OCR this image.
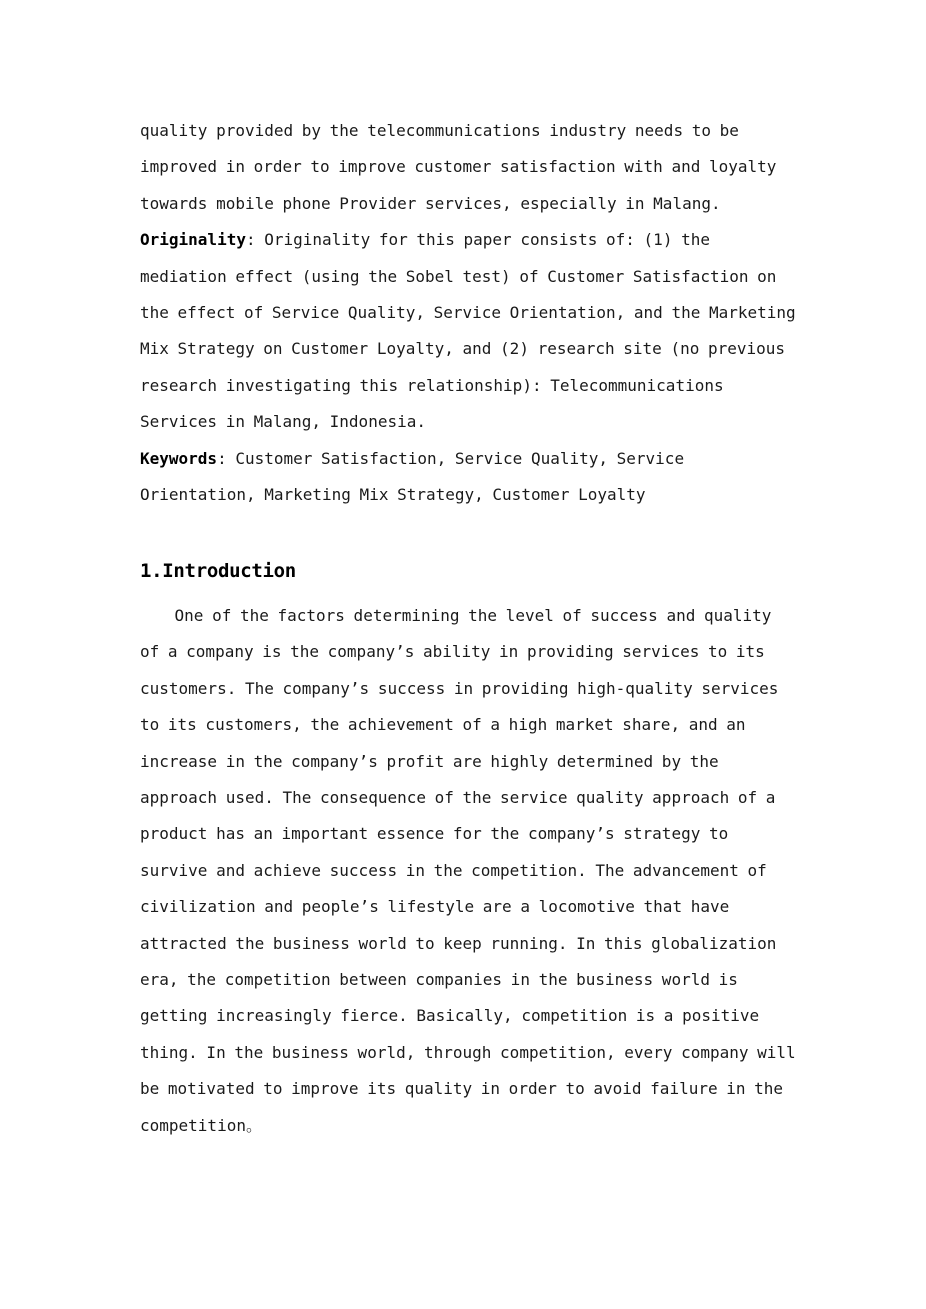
quality provided by the telecommunications industry needs to be
improved in order to improve customer satisfaction with and loyalty
towards mobile phone Provider services, especially in Malang.

Originality: Originality for this paper consists of: (1) the
mediation effect (using the Sobel test) of Customer Satisfaction on
the effect of Service Quality, Service Orientation, and the Marketing
Mix Strategy on Customer Loyalty, and (2) research site (no previous
research investigating this relationship): Telecommunications
Services in Malang, Indonesia.

Keywords: Customer Satisfaction, Service Quality, Service
Orientation, Marketing Mix Strategy, Customer Loyalty

1.Introduction

One of the factors determining the level of success and quality
of a company is the company’s ability in providing services to its
customers. The company’s success in providing high-quality services
to its customers, the achievement of a high market share, and an
increase in the company’s profit are highly determined by the
approach used. The consequence of the service quality approach of a
product has an important essence for the company’s strategy to
survive and achieve success in the competition. The advancement of
civilization and people’s lifestyle are a locomotive that have
attracted the business world to keep running. In this globalization
era, the competition between companies in the business world is
getting increasingly fierce. Basically, competition is a positive
thing. In the business world, through competition, every company will
be motivated to improve its quality in order to avoid failure in the
competition。
